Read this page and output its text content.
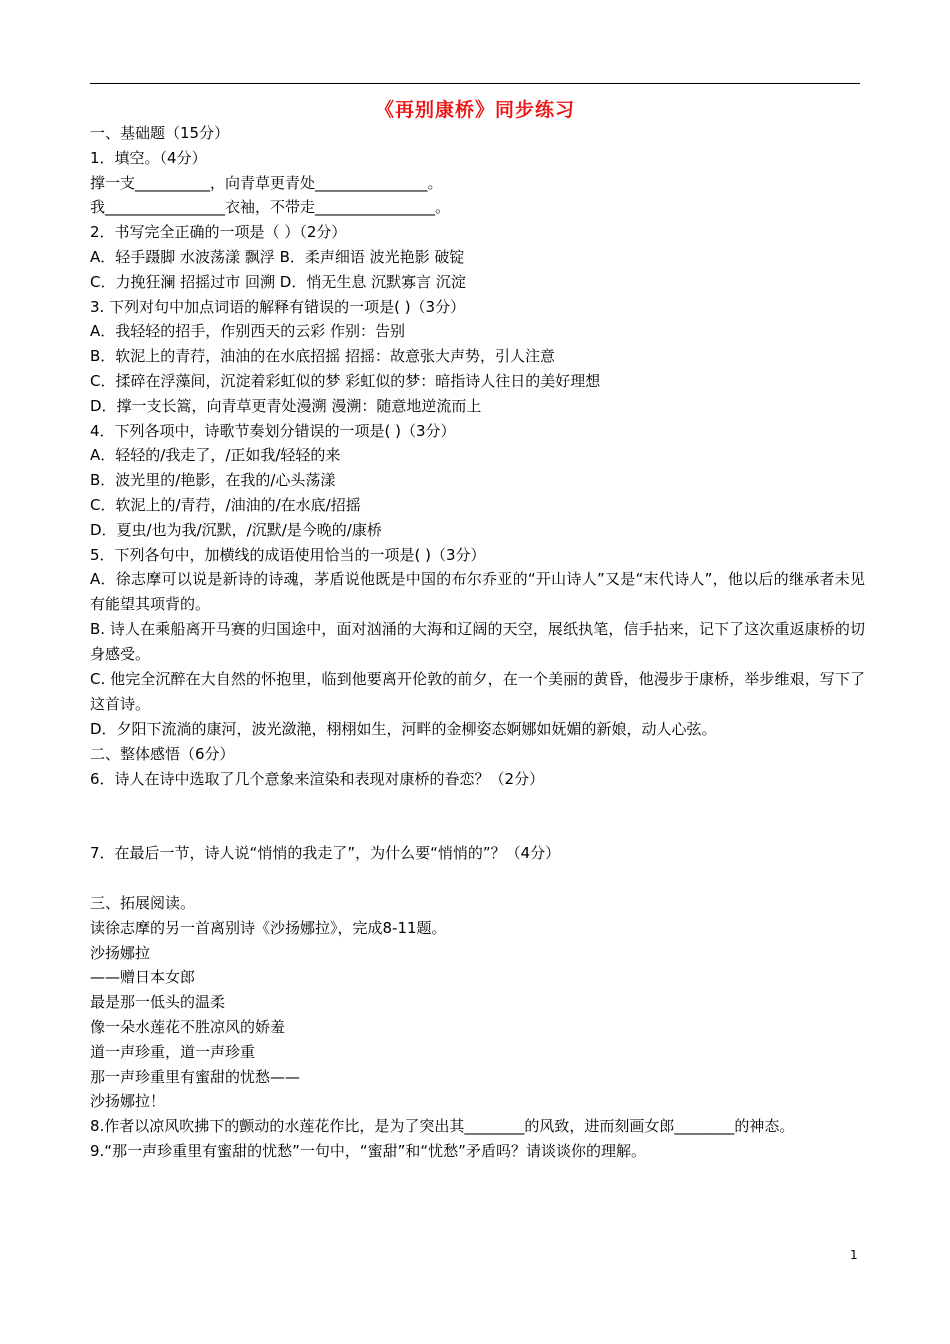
《再别康桥》同步练习
一、基础题（15分）
1．填空。（4分）
撑一支__________，向青草更青处_______________。
我________________衣袖，不带走________________。
2．书写完全正确的一项是（ ）（2分）
A．轻手蹑脚 水波荡漾 飘浮 B．柔声细语 波光艳影 破锭
C．力挽狂澜 招摇过市 回溯 D．悄无生息 沉默寡言 沉淀
3. 下列对句中加点词语的解释有错误的一项是( )（3分）
A．我轻轻的招手，作别西天的云彩 作别：告别
B．软泥上的青荇，油油的在水底招摇 招摇：故意张大声势，引人注意
C．揉碎在浮藻间，沉淀着彩虹似的梦 彩虹似的梦：暗指诗人往日的美好理想
D．撑一支长篙，向青草更青处漫溯 漫溯：随意地逆流而上
4．下列各项中，诗歌节奏划分错误的一项是( )（3分）
A．轻轻的/我走了，/正如我/轻轻的来
B．波光里的/艳影，在我的/心头荡漾
C．软泥上的/青荇，/油油的/在水底/招摇
D．夏虫/也为我/沉默，/沉默/是今晚的/康桥
5．下列各句中，加横线的成语使用恰当的一项是( )（3分）
A．徐志摩可以说是新诗的诗魂，茅盾说他既是中国的布尔乔亚的“开山诗人”又是“末代诗人”，他以后的继承者未见有能望其项背的。
B. 诗人在乘船离开马赛的归国途中，面对汹涌的大海和辽阔的天空，展纸执笔，信手拈来，记下了这次重返康桥的切身感受。
C. 他完全沉醉在大自然的怀抱里，临到他要离开伦敦的前夕，在一个美丽的黄昏，他漫步于康桥，举步维艰，写下了这首诗。
D．夕阳下流淌的康河，波光潋滟，栩栩如生，河畔的金柳姿态婀娜如妩媚的新娘，动人心弦。
二、整体感悟（6分）
6．诗人在诗中选取了几个意象来渲染和表现对康桥的眷恋？（2分）
7．在最后一节，诗人说“悄悄的我走了”，为什么要“悄悄的”？（4分）
三、拓展阅读。
读徐志摩的另一首离别诗《沙扬娜拉》，完成8-11题。
沙扬娜拉
——赠日本女郎
最是那一低头的温柔
像一朵水莲花不胜凉风的娇羞
道一声珍重，道一声珍重
那一声珍重里有蜜甜的忧愁——
沙扬娜拉！
8.作者以凉风吹拂下的颤动的水莲花作比，是为了突出其________的风致，进而刻画女郎________的神态。
9.“那一声珍重里有蜜甜的忧愁”一句中，“蜜甜”和“忧愁”矛盾吗？请谈谈你的理解。
1
